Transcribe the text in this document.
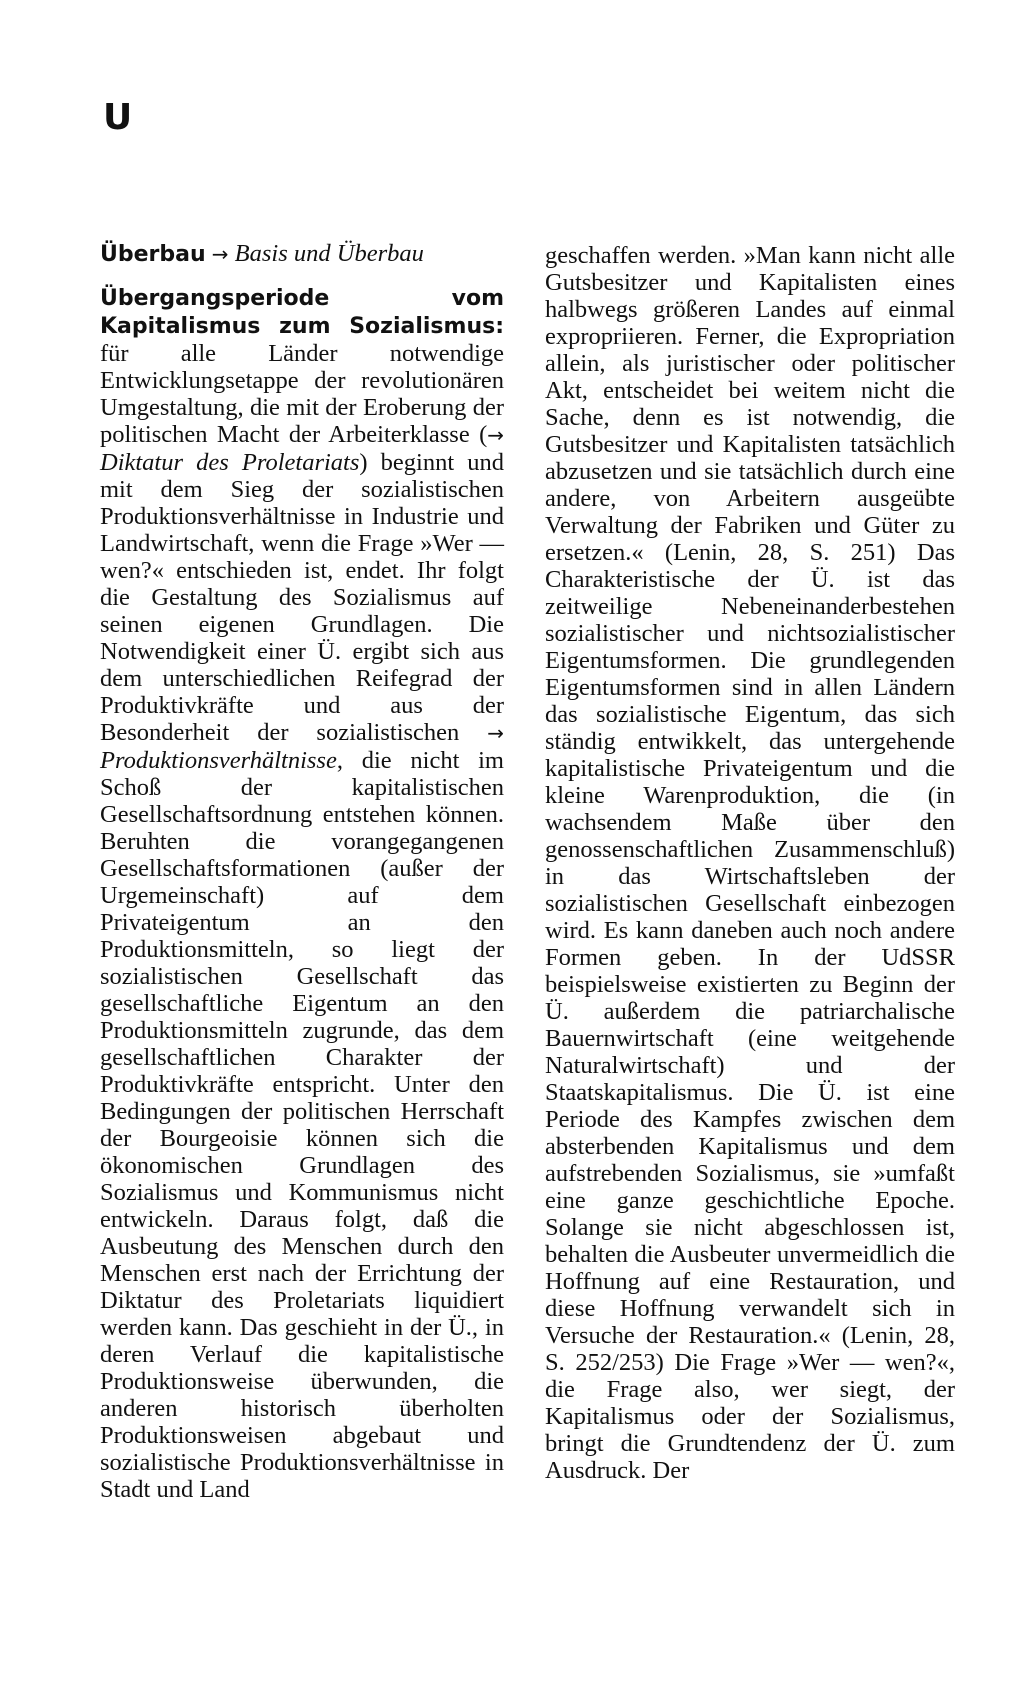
U

Überbau → Basis und Überbau

Übergangsperiode vom Kapitalismus zum Sozialismus: für alle Länder notwendige Entwicklungsetappe der revolutionären Umgestaltung, die mit der Eroberung der politischen Macht der Arbeiterklasse (→ Diktatur des Proletariats) beginnt und mit dem Sieg der sozialistischen Produktionsverhältnisse in Industrie und Landwirtschaft, wenn die Frage »Wer — wen?« entschieden ist, endet. Ihr folgt die Gestaltung des Sozialismus auf seinen eigenen Grundlagen. Die Notwendigkeit einer Ü. ergibt sich aus dem unterschiedlichen Reifegrad der Produktivkräfte und aus der Besonderheit der sozialistischen → Produktionsverhältnisse, die nicht im Schoß der kapitalistischen Gesellschaftsordnung entstehen können. Beruhten die vorangegangenen Gesellschaftsformationen (außer der Urgemeinschaft) auf dem Privateigentum an den Produktionsmitteln, so liegt der sozialistischen Gesellschaft das gesellschaftliche Eigentum an den Produktionsmitteln zugrunde, das dem gesellschaftlichen Charakter der Produktivkräfte entspricht. Unter den Bedingungen der politischen Herrschaft der Bourgeoisie können sich die ökonomischen Grundlagen des Sozialismus und Kommunismus nicht entwickeln. Daraus folgt, daß die Ausbeutung des Menschen durch den Menschen erst nach der Errichtung der Diktatur des Proletariats liquidiert werden kann. Das geschieht in der Ü., in deren Verlauf die kapitalistische Produktionsweise überwunden, die anderen historisch überholten Produktionsweisen abgebaut und sozialistische Produktionsverhältnisse in Stadt und Land

geschaffen werden. »Man kann nicht alle Gutsbesitzer und Kapitalisten eines halbwegs größeren Landes auf einmal expropriieren. Ferner, die Expropriation allein, als juristischer oder politischer Akt, entscheidet bei weitem nicht die Sache, denn es ist notwendig, die Gutsbesitzer und Kapitalisten tatsächlich abzusetzen und sie tatsächlich durch eine andere, von Arbeitern ausgeübte Verwaltung der Fabriken und Güter zu ersetzen.« (Lenin, 28, S. 251) Das Charakteristische der Ü. ist das zeitweilige Nebeneinanderbestehen sozialistischer und nichtsozialistischer Eigentumsformen. Die grundlegenden Eigentumsformen sind in allen Ländern das sozialistische Eigentum, das sich ständig entwikkelt, das untergehende kapitalistische Privateigentum und die kleine Warenproduktion, die (in wachsendem Maße über den genossenschaftlichen Zusammenschluß) in das Wirtschaftsleben der sozialistischen Gesellschaft einbezogen wird. Es kann daneben auch noch andere Formen geben. In der UdSSR beispielsweise existierten zu Beginn der Ü. außerdem die patriarchalische Bauernwirtschaft (eine weitgehende Naturalwirtschaft) und der Staatskapitalismus. Die Ü. ist eine Periode des Kampfes zwischen dem absterbenden Kapitalismus und dem aufstrebenden Sozialismus, sie »umfaßt eine ganze geschichtliche Epoche. Solange sie nicht abgeschlossen ist, behalten die Ausbeuter unvermeidlich die Hoffnung auf eine Restauration, und diese Hoffnung verwandelt sich in Versuche der Restauration.« (Lenin, 28, S. 252/253) Die Frage »Wer — wen?«, die Frage also, wer siegt, der Kapitalismus oder der Sozialismus, bringt die Grundtendenz der Ü. zum Ausdruck. Der
